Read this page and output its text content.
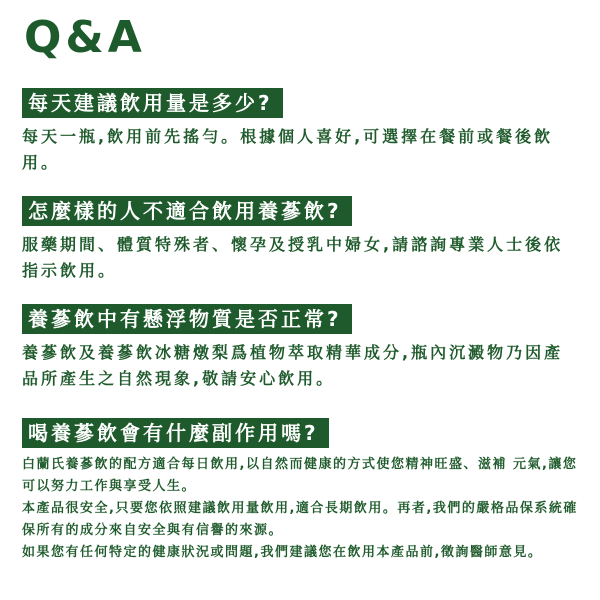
Q&A
每天建議飲用量是多少?

每天一瓶,飲用前先搖勻。根據個人喜好,可選擇在餐前或餐後飲用。

怎麼樣的人不適合飲用養蔘飲?

服藥期間、體質特殊者、懷孕及授乳中婦女,請諮詢專業人士後依指示飲用。

養蔘飲中有懸浮物質是否正常?

養蔘飲及養蔘飲冰糖燉梨爲植物萃取精華成分,瓶內沉澱物乃因產品所產生之自然現象,敬請安心飲用。

喝養蔘飲會有什麼副作用嗎?

白蘭氏養蔘飲的配方適合每日飲用,以自然而健康的方式使您精神旺盛、滋補 元氣,讓您可以努力工作與享受人生。

本產品很安全,只要您依照建議飲用量飲用,適合長期飲用。再者,我們的嚴格品保系統確保所有的成分來自安全與有信譽的來源。

如果您有任何特定的健康狀況或問題,我們建議您在飲用本產品前,徵詢醫師意見。
